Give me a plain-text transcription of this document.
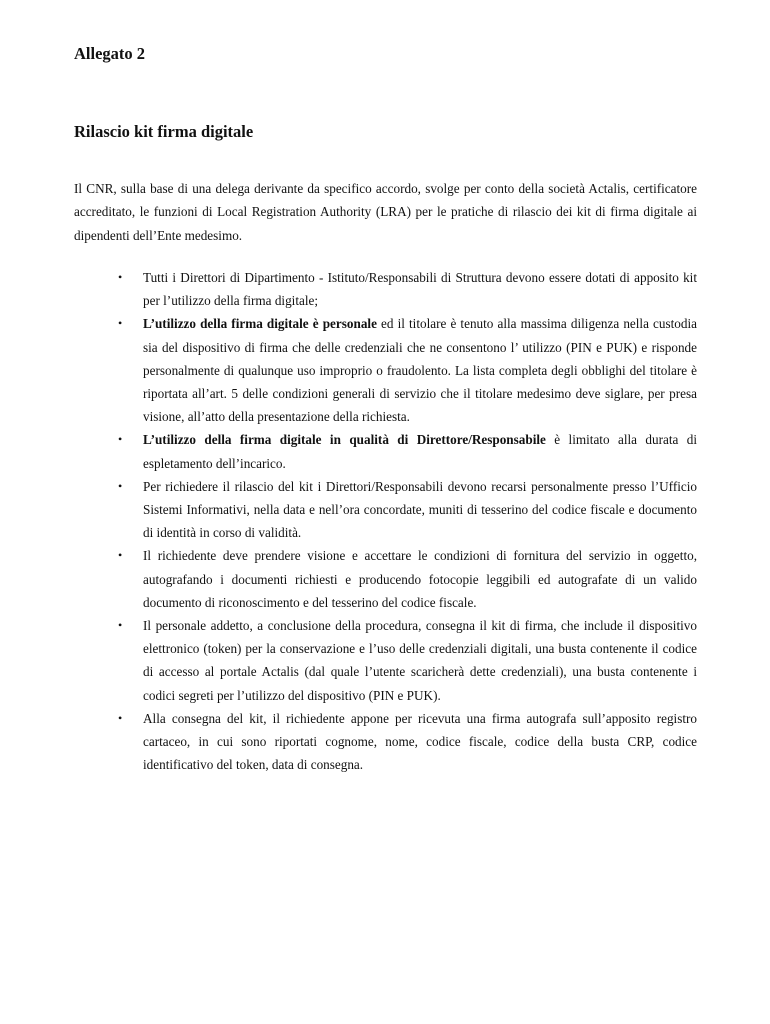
Allegato 2
Rilascio kit firma digitale

Il CNR, sulla base di una delega derivante da specifico accordo, svolge per conto della società Actalis, certificatore accreditato, le funzioni di Local Registration Authority (LRA) per le pratiche di rilascio dei kit di firma digitale ai dipendenti dell’Ente medesimo.

• Tutti i Direttori di Dipartimento - Istituto/Responsabili di Struttura devono essere dotati di apposito kit per l’utilizzo della firma digitale;
• L’utilizzo della firma digitale è personale ed il titolare è tenuto alla massima diligenza nella custodia sia del dispositivo di firma che delle credenziali che ne consentono l’ utilizzo (PIN e PUK) e risponde personalmente di qualunque uso improprio o fraudolento. La lista completa degli obblighi del titolare è riportata all’art. 5 delle condizioni generali di servizio che il titolare medesimo deve siglare, per presa visione, all’atto della presentazione della richiesta.
• L’utilizzo della firma digitale in qualità di Direttore/Responsabile è limitato alla durata di espletamento dell’incarico.
• Per richiedere il rilascio del kit i Direttori/Responsabili devono recarsi personalmente presso l’Ufficio Sistemi Informativi, nella data e nell’ora concordate, muniti di tesserino del codice fiscale e documento di identità in corso di validità.
• Il richiedente deve prendere visione e accettare le condizioni di fornitura del servizio in oggetto, autografando i documenti richiesti e producendo fotocopie leggibili ed autografate di un valido documento di riconoscimento e del tesserino del codice fiscale.
• Il personale addetto, a conclusione della procedura, consegna il kit di firma, che include il dispositivo elettronico (token) per la conservazione e l’uso delle credenziali digitali, una busta contenente il codice di accesso al portale Actalis (dal quale l’utente scaricherà dette credenziali), una busta contenente i codici segreti per l’utilizzo del dispositivo (PIN e PUK).
• Alla consegna del kit, il richiedente appone per ricevuta una firma autografa sull’apposito registro cartaceo, in cui sono riportati cognome, nome, codice fiscale, codice della busta CRP, codice identificativo del token, data di consegna.
